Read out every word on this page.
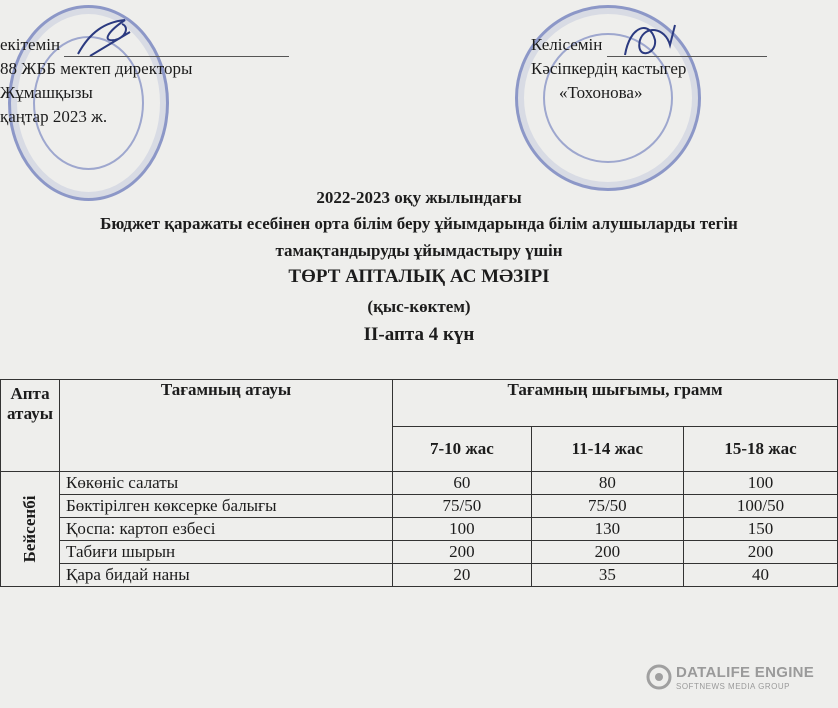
екітемін
88 ЖББ мектеп директоры
Жұмашқызы
қаңтар 2023 ж.
Келісемін
Кәсіпкердің кастыгер
«Тохонова»
2022-2023 оқу жылындағы
Бюджет қаражаты есебінен орта білім беру ұйымдарында білім алушыларды тегін
тамақтандыруды ұйымдастыру үшін
ТӨРТ АПТАЛЫҚ АС МӘЗІРІ
(қыс-көктем)
ІІ-апта 4 күн
Апта атауы	Тағамның атауы	Тағамның шығымы, грамм		
		7-10 жас	11-14 жас	15-18 жас

Бейсенбі	Көкөніс салаты	60	80	100
	Бөктірілген көксерке балығы	75/50	75/50	100/50
	Қоспа: картоп езбесі	100	130	150
	Табиғи шырын	200	200	200
	Қара бидай наны	20	35	40
DATALIFE ENGINE
SOFTNEWS MEDIA GROUP
